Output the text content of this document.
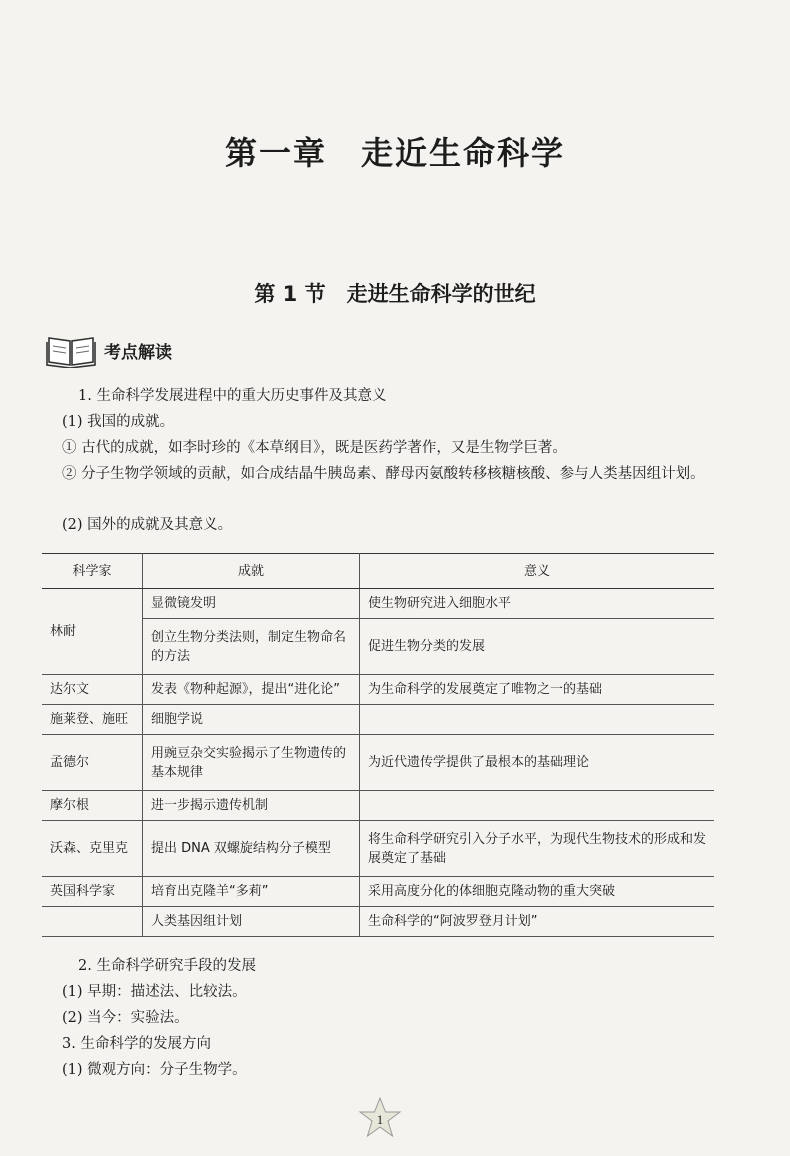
第一章　走近生命科学
第 1 节　走进生命科学的世纪
考点解读
1. 生命科学发展进程中的重大历史事件及其意义
(1) 我国的成就。
① 古代的成就，如李时珍的《本草纲目》，既是医药学著作，又是生物学巨著。
② 分子生物学领域的贡献，如合成结晶牛胰岛素、酵母丙氨酸转移核糖核酸、参与人类基因组计划。
(2) 国外的成就及其意义。
科学家	成就	意义
林耐	显微镜发明	使生物研究进入细胞水平
	创立生物分类法则，制定生物命名的方法	促进生物分类的发展
达尔文	发表《物种起源》，提出“进化论”	为生命科学的发展奠定了唯物之一的基础
施莱登、施旺	细胞学说	
孟德尔	用豌豆杂交实验揭示了生物遗传的基本规律	为近代遗传学提供了最根本的基础理论
摩尔根	进一步揭示遗传机制	
沃森、克里克	提出 DNA 双螺旋结构分子模型	将生命科学研究引入分子水平，为现代生物技术的形成和发展奠定了基础
英国科学家	培育出克隆羊“多莉”	采用高度分化的体细胞克隆动物的重大突破
	人类基因组计划	生命科学的“阿波罗登月计划”
2. 生命科学研究手段的发展
(1) 早期：描述法、比较法。
(2) 当今：实验法。
3. 生命科学的发展方向
(1) 微观方向：分子生物学。
1
